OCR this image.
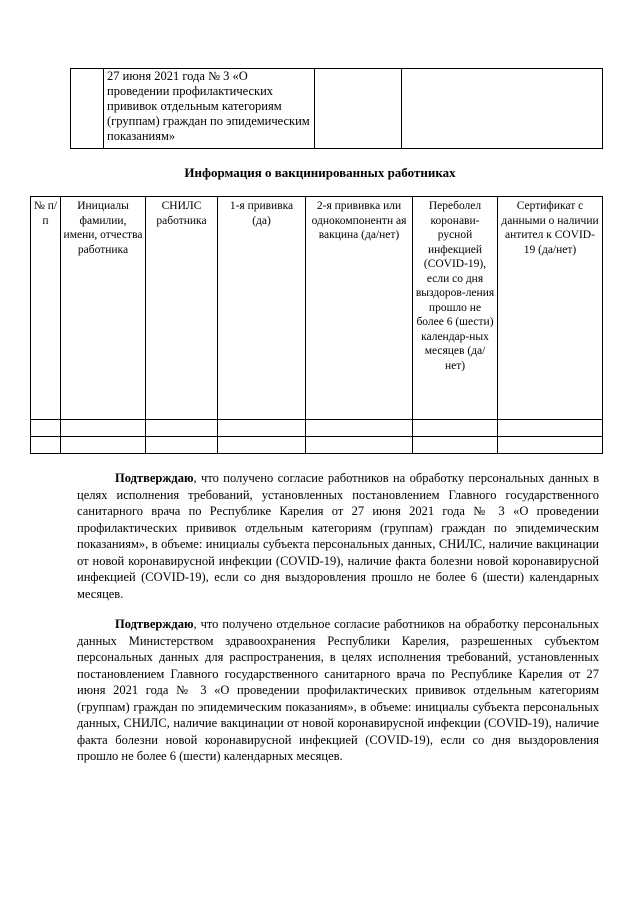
	27 июня 2021 года № 3 «О проведении профилактических прививок отдельным категориям (группам) граждан по эпидемическим показаниям»		
Информация о вакцинированных работниках
№ п/п	Инициалы фамилии, имени, отчества работника	СНИЛС работника	1-я прививка (да)	2-я прививка или однокомпонентн ая вакцина (да/нет)	Переболел коронави-русной инфекцией (COVID-19), если со дня выздоров-ления прошло не более 6 (шести) календар-ных месяцев (да/нет)	Сертификат с данными о наличии антител к COVID-19 (да/нет)

Подтверждаю, что получено согласие работников на обработку персональных данных в целях исполнения требований, установленных постановлением Главного государственного санитарного врача по Республике Карелия от 27 июня 2021 года № 3 «О проведении профилактических прививок отдельным категориям (группам) граждан по эпидемическим показаниям», в объеме: инициалы субъекта персональных данных, СНИЛС, наличие вакцинации от новой коронавирусной инфекции (COVID-19), наличие факта болезни новой коронавирусной инфекцией (COVID-19), если со дня выздоровления прошло не более 6 (шести) календарных месяцев.

Подтверждаю, что получено отдельное согласие работников на обработку персональных данных Министерством здравоохранения Республики Карелия, разрешенных субъектом персональных данных для распространения, в целях исполнения требований, установленных постановлением Главного государственного санитарного врача по Республике Карелия от 27 июня 2021 года № 3 «О проведении профилактических прививок отдельным категориям (группам) граждан по эпидемическим показаниям», в объеме: инициалы субъекта персональных данных, СНИЛС, наличие вакцинации от новой коронавирусной инфекции (COVID-19), наличие факта болезни новой коронавирусной инфекцией (COVID-19), если со дня выздоровления прошло не более 6 (шести) календарных месяцев.
